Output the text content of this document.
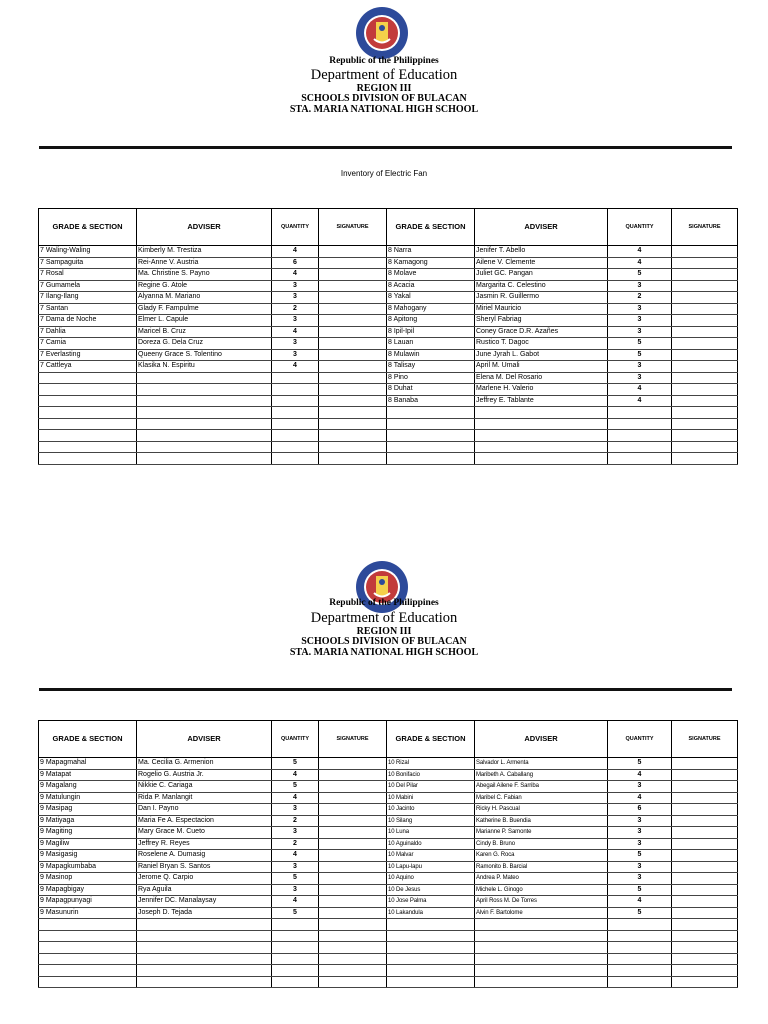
Republic of the Philippines
Department of Education
REGION III
SCHOOLS DIVISION OF BULACAN
STA. MARIA NATIONAL HIGH SCHOOL
Inventory of Electric Fan
GRADE & SECTION	ADVISER	QUANTITY	SIGNATURE	GRADE & SECTION	ADVISER	QUANTITY	SIGNATURE
7 Waling-Waling	Kimberly M. Trestiza	4		8 Narra	Jenifer T. Abello	4	
7 Sampaguita	Rei-Anne V. Austria	6		8 Kamagong	Ailene V. Clemente	4	
7 Rosal	Ma. Christine S. Payno	4		8 Molave	Juliet GC. Pangan	5	
7 Gumamela	Regine G. Atole	3		8 Acacia	Margarita C. Celestino	3	
7 Ilang-Ilang	Alyanna M. Mariano	3		8 Yakal	Jasmin R. Guillermo	2	
7 Santan	Glady F. Fampulme	2		8 Mahogany	Miriel Mauricio	3	
7 Dama de Noche	Elmer L. Capule	3		8 Apitong	Sheryl Fabriag	3	
7 Dahlia	Maricel B. Cruz	4		8 Ipil-Ipil	Coney Grace D.R. Azañes	3	
7 Camia	Doreza G. Dela Cruz	3		8 Lauan	Rustico T. Dagoc	5	
7 Everlasting	Queeny Grace S. Tolentino	3		8 Mulawin	June Jyrah L. Gabot	5	
7 Cattleya	Klasika N. Espiritu	4		8 Talisay	April M. Umali	3	
				8 Pino	Elena M. Del Rosario	3	
				8 Duhat	Marlene H. Valerio	4	
				8 Banaba	Jeffrey E. Tablante	4	

Republic of the Philippines
Department of Education
REGION III
SCHOOLS DIVISION OF BULACAN
STA. MARIA NATIONAL HIGH SCHOOL
GRADE & SECTION	ADVISER	QUANTITY	SIGNATURE	GRADE & SECTION	ADVISER	QUANTITY	SIGNATURE
9 Mapagmahal	Ma. Cecilia G. Armenion	5		10 Rizal	Salvador L. Armenta	5	
9 Matapat	Rogelio G. Austria Jr.	4		10 Bonifacio	Maribeth A. Caballang	4	
9 Magalang	Nikkie C. Cariaga	5		10 Del Pilar	Abegail Ailene F. Sarriba	3	
9 Matulungin	Rida P. Manlangit	4		10 Mabini	Maribel C. Fabian	4	
9 Masipag	Dan I. Payno	3		10 Jacinto	Ricky H. Pascual	6	
9 Matiyaga	Maria Fe A. Espectacion	2		10 Silang	Katherine B. Buendia	3	
9 Magiting	Mary Grace M. Cueto	3		10 Luna	Marianne P. Samonte	3	
9 Magiliw	Jeffrey R. Reyes	2		10 Aguinaldo	Cindy B. Bruno	3	
9 Masigasig	Roselene A. Dumasig	4		10 Malvar	Karen G. Roca	5	
9 Mapagkumbaba	Raniel Bryan S. Santos	3		10 Lapu-lapu	Ramonito B. Barcial	3	
9 Masinop	Jerome Q. Carpio	5		10 Aquino	Andrea P. Mateo	3	
9 Mapagbigay	Rya Aguila	3		10 De Jesus	Michele L. Ginogo	5	
9 Mapagpunyagi	Jennifer DC. Manalaysay	4		10 Jose Palma	April Ross M. De Torres	4	
9 Masunurin	Joseph D. Tejada	5		10 Lakandula	Alvin F. Bartolome	5	
